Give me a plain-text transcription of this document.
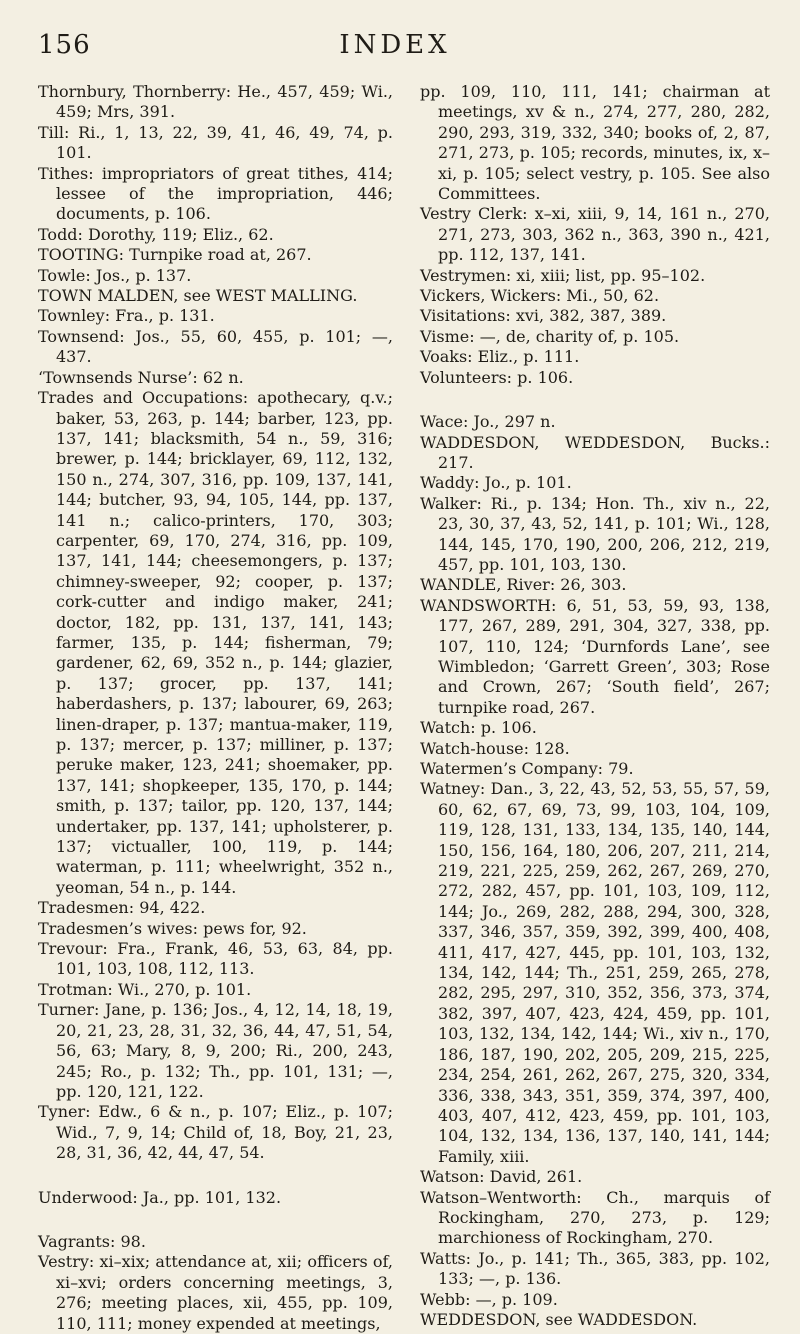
156	INDEX
Thornbury, Thornberry: He., 457, 459; Wi., 459; Mrs, 391.
Till: Ri., 1, 13, 22, 39, 41, 46, 49, 74, p. 101.
Tithes: impropriators of great tithes, 414; lessee of the impropriation, 446; documents, p. 106.
Todd: Dorothy, 119; Eliz., 62.
TOOTING: Turnpike road at, 267.
Towle: Jos., p. 137.
TOWN MALDEN, see WEST MALLING.
Townley: Fra., p. 131.
Townsend: Jos., 55, 60, 455, p. 101; —, 437.
‘Townsends Nurse’: 62 n.
Trades and Occupations: apothecary, q.v.; baker, 53, 263, p. 144; barber, 123, pp. 137, 141; blacksmith, 54 n., 59, 316; brewer, p. 144; bricklayer, 69, 112, 132, 150 n., 274, 307, 316, pp. 109, 137, 141, 144; butcher, 93, 94, 105, 144, pp. 137, 141 n.; calico-printers, 170, 303; carpenter, 69, 170, 274, 316, pp. 109, 137, 141, 144; cheesemongers, p. 137; chimney-sweeper, 92; cooper, p. 137; cork-cutter and indigo maker, 241; doctor, 182, pp. 131, 137, 141, 143; farmer, 135, p. 144; fisherman, 79; gardener, 62, 69, 352 n., p. 144; glazier, p. 137; grocer, pp. 137, 141; haberdashers, p. 137; labourer, 69, 263; linen-draper, p. 137; mantua-maker, 119, p. 137; mercer, p. 137; milliner, p. 137; peruke maker, 123, 241; shoemaker, pp. 137, 141; shopkeeper, 135, 170, p. 144; smith, p. 137; tailor, pp. 120, 137, 144; undertaker, pp. 137, 141; upholsterer, p. 137; victualler, 100, 119, p. 144; waterman, p. 111; wheelwright, 352 n., yeoman, 54 n., p. 144.
Tradesmen: 94, 422.
Tradesmen’s wives: pews for, 92.
Trevour: Fra., Frank, 46, 53, 63, 84, pp. 101, 103, 108, 112, 113.
Trotman: Wi., 270, p. 101.
Turner: Jane, p. 136; Jos., 4, 12, 14, 18, 19, 20, 21, 23, 28, 31, 32, 36, 44, 47, 51, 54, 56, 63; Mary, 8, 9, 200; Ri., 200, 243, 245; Ro., p. 132; Th., pp. 101, 131; —, pp. 120, 121, 122.
Tyner: Edw., 6 & n., p. 107; Eliz., p. 107; Wid., 7, 9, 14; Child of, 18, Boy, 21, 23, 28, 31, 36, 42, 44, 47, 54.
Underwood: Ja., pp. 101, 132.
Vagrants: 98.
Vestry: xi–xix; attendance at, xii; officers of, xi–xvi; orders concerning meetings, 3, 276; meeting places, xii, 455, pp. 109, 110, 111; money expended at meetings,
pp. 109, 110, 111, 141; chairman at meetings, xv & n., 274, 277, 280, 282, 290, 293, 319, 332, 340; books of, 2, 87, 271, 273, p. 105; records, minutes, ix, x–xi, p. 105; select vestry, p. 105. See also Committees.
Vestry Clerk: x–xi, xiii, 9, 14, 161 n., 270, 271, 273, 303, 362 n., 363, 390 n., 421, pp. 112, 137, 141.
Vestrymen: xi, xiii; list, pp. 95–102.
Vickers, Wickers: Mi., 50, 62.
Visitations: xvi, 382, 387, 389.
Visme: —, de, charity of, p. 105.
Voaks: Eliz., p. 111.
Volunteers: p. 106.
Wace: Jo., 297 n.
WADDESDON, WEDDESDON, Bucks.: 217.
Waddy: Jo., p. 101.
Walker: Ri., p. 134; Hon. Th., xiv n., 22, 23, 30, 37, 43, 52, 141, p. 101; Wi., 128, 144, 145, 170, 190, 200, 206, 212, 219, 457, pp. 101, 103, 130.
WANDLE, River: 26, 303.
WANDSWORTH: 6, 51, 53, 59, 93, 138, 177, 267, 289, 291, 304, 327, 338, pp. 107, 110, 124; ‘Durnfords Lane’, see Wimbledon; ‘Garrett Green’, 303; Rose and Crown, 267; ‘South field’, 267; turnpike road, 267.
Watch: p. 106.
Watch-house: 128.
Watermen’s Company: 79.
Watney: Dan., 3, 22, 43, 52, 53, 55, 57, 59, 60, 62, 67, 69, 73, 99, 103, 104, 109, 119, 128, 131, 133, 134, 135, 140, 144, 150, 156, 164, 180, 206, 207, 211, 214, 219, 221, 225, 259, 262, 267, 269, 270, 272, 282, 457, pp. 101, 103, 109, 112, 144; Jo., 269, 282, 288, 294, 300, 328, 337, 346, 357, 359, 392, 399, 400, 408, 411, 417, 427, 445, pp. 101, 103, 132, 134, 142, 144; Th., 251, 259, 265, 278, 282, 295, 297, 310, 352, 356, 373, 374, 382, 397, 407, 423, 424, 459, pp. 101, 103, 132, 134, 142, 144; Wi., xiv n., 170, 186, 187, 190, 202, 205, 209, 215, 225, 234, 254, 261, 262, 267, 275, 320, 334, 336, 338, 343, 351, 359, 374, 397, 400, 403, 407, 412, 423, 459, pp. 101, 103, 104, 132, 134, 136, 137, 140, 141, 144; Family, xiii.
Watson: David, 261.
Watson–Wentworth: Ch., marquis of Rockingham, 270, 273, p. 129; marchioness of Rockingham, 270.
Watts: Jo., p. 141; Th., 365, 383, pp. 102, 133; —, p. 136.
Webb: —, p. 109.
WEDDESDON, see WADDESDON.
